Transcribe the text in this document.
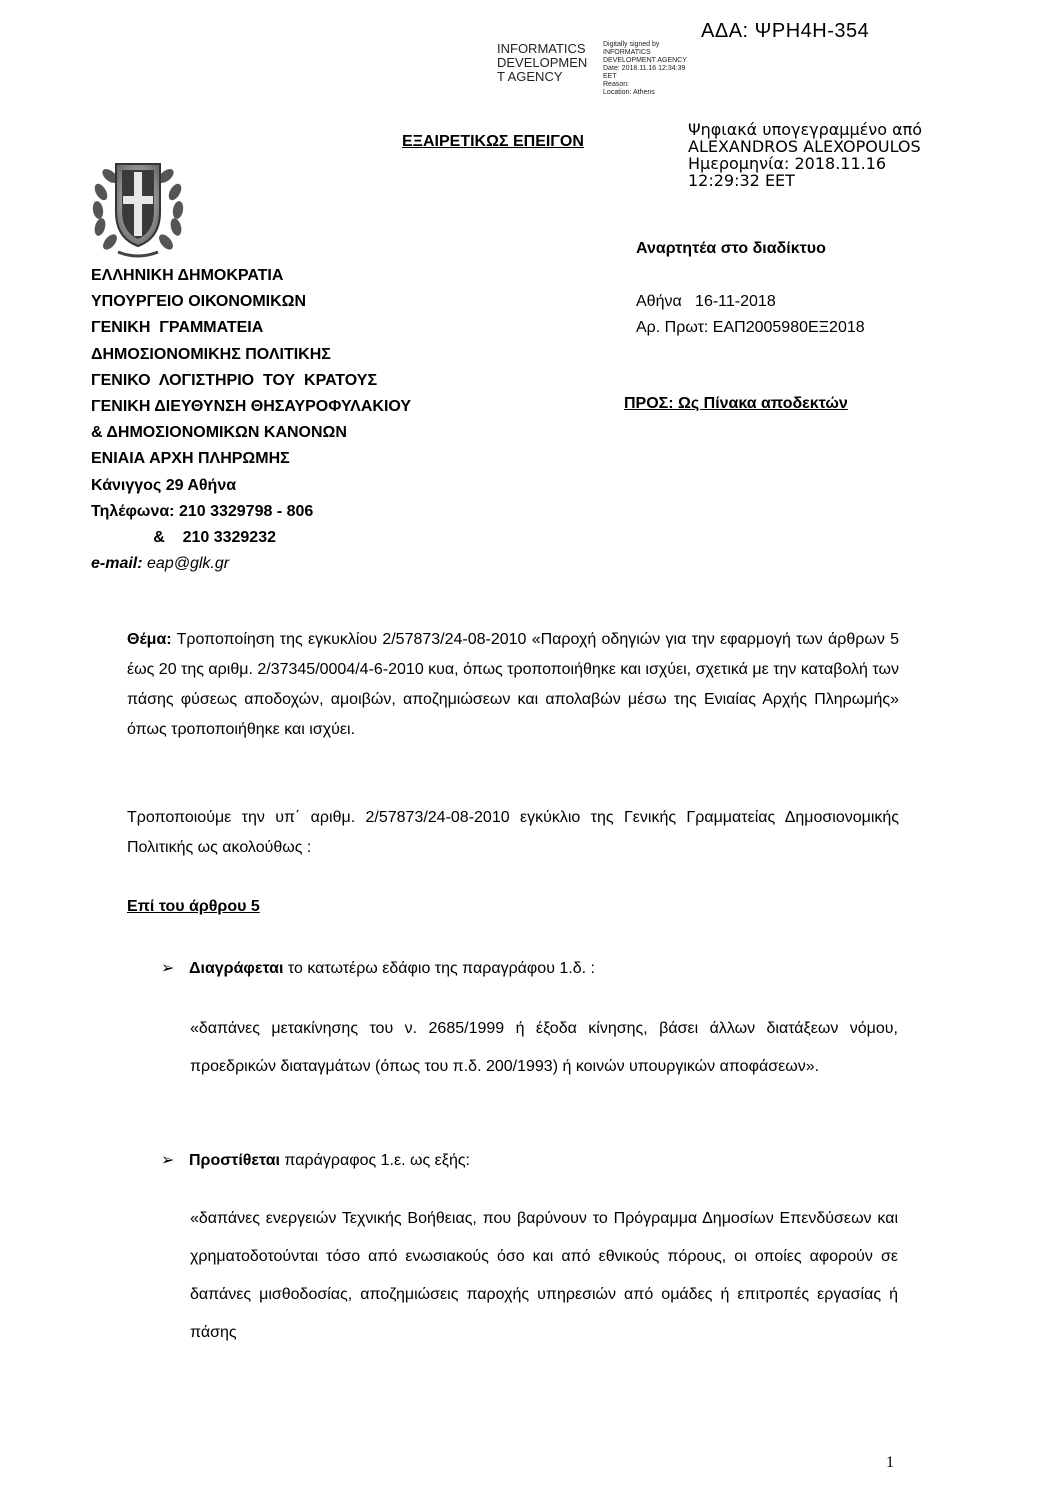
ΑΔΑ: ΨΡΗ4Η-354
INFORMATICS
DEVELOPMEN
T AGENCY
Digitally signed by
INFORMATICS
DEVELOPMENT AGENCY
Date: 2018.11.16 12:34:39
EET
Reason:
Location: Athens
ΕΞΑΙΡΕΤΙΚΩΣ ΕΠΕΙΓΟΝ
Ψηφιακά υπογεγραμμένο από
ALEXANDROS ALEXOPOULOS
Ημερομηνία: 2018.11.16
12:29:32 EET
Αναρτητέα στο διαδίκτυο
ΕΛΛΗΝΙΚΗ ΔΗΜΟΚΡΑΤΙΑ
ΥΠΟΥΡΓΕΙΟ ΟΙΚΟΝΟΜΙΚΩΝ
ΓΕΝΙΚΗ  ΓΡΑΜΜΑΤΕΙΑ
ΔΗΜΟΣΙΟΝΟΜΙΚΗΣ ΠΟΛΙΤΙΚΗΣ
ΓΕΝΙΚΟ  ΛΟΓΙΣΤΗΡΙΟ  ΤΟΥ  ΚΡΑΤΟΥΣ
ΓΕΝΙΚΗ ΔΙΕΥΘΥΝΣΗ ΘΗΣΑΥΡΟΦΥΛΑΚΙΟΥ
& ΔΗΜΟΣΙΟΝΟΜΙΚΩΝ ΚΑΝΟΝΩΝ
ΕΝΙΑΙΑ ΑΡΧΗ ΠΛΗΡΩΜΗΣ
Κάνιγγος 29 Αθήνα
Τηλέφωνα: 210 3329798 - 806
&    210 3329232
e-mail: eap@glk.gr
Αθήνα   16-11-2018
Αρ. Πρωτ: ΕΑΠ2005980ΕΞ2018
ΠΡΟΣ: Ως Πίνακα αποδεκτών

Θέμα: Τροποποίηση της εγκυκλίου 2/57873/24-08-2010 «Παροχή οδηγιών για την εφαρμογή των άρθρων 5 έως 20 της αριθμ. 2/37345/0004/4-6-2010 κυα, όπως τροποποιήθηκε και ισχύει, σχετικά με την καταβολή των πάσης φύσεως αποδοχών, αμοιβών, αποζημιώσεων και απολαβών μέσω της Ενιαίας Αρχής Πληρωμής» όπως τροποποιήθηκε και ισχύει.

Τροποποιούμε την υπ΄ αριθμ. 2/57873/24-08-2010 εγκύκλιο της Γενικής Γραμματείας Δημοσιονομικής Πολιτικής ως ακολούθως :

Επί του άρθρου 5
➢ Διαγράφεται το κατωτέρω εδάφιο της παραγράφου 1.δ. :

«δαπάνες μετακίνησης του ν. 2685/1999 ή έξοδα κίνησης, βάσει άλλων διατάξεων νόμου, προεδρικών διαταγμάτων (όπως του π.δ. 200/1993) ή κοινών υπουργικών αποφάσεων».

➢ Προστίθεται παράγραφος 1.ε. ως εξής:

«δαπάνες ενεργειών Τεχνικής Βοήθειας, που βαρύνουν το Πρόγραμμα Δημοσίων Επενδύσεων και χρηματοδοτούνται τόσο από ενωσιακούς όσο και από εθνικούς πόρους, οι οποίες αφορούν σε δαπάνες μισθοδοσίας, αποζημιώσεις παροχής υπηρεσιών από ομάδες ή επιτροπές εργασίας ή πάσης

1
